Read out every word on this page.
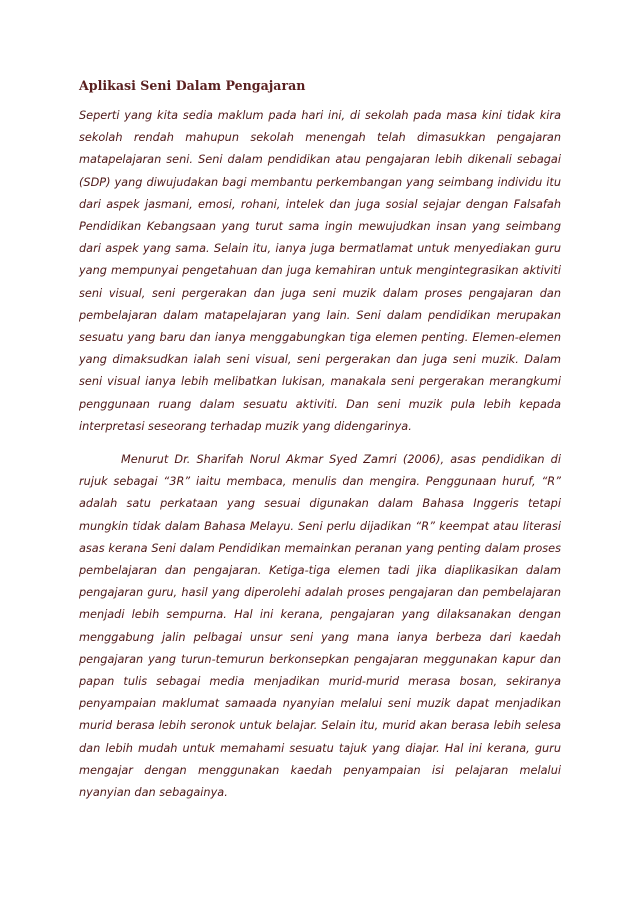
Aplikasi Seni Dalam Pengajaran

Seperti yang kita sedia maklum pada hari ini, di sekolah pada masa kini tidak kira sekolah rendah mahupun sekolah menengah telah dimasukkan pengajaran matapelajaran seni. Seni dalam pendidikan atau pengajaran lebih dikenali sebagai (SDP) yang diwujudakan bagi membantu perkembangan yang seimbang individu itu dari aspek jasmani, emosi, rohani, intelek dan juga sosial sejajar dengan Falsafah Pendidikan Kebangsaan yang turut sama ingin mewujudkan insan yang seimbang dari aspek yang sama. Selain itu, ianya juga bermatlamat untuk menyediakan guru yang mempunyai pengetahuan dan juga kemahiran untuk mengintegrasikan aktiviti seni visual, seni pergerakan dan juga seni muzik dalam proses pengajaran dan pembelajaran dalam matapelajaran yang lain. Seni dalam pendidikan merupakan sesuatu yang baru dan ianya menggabungkan tiga elemen penting. Elemen-elemen yang dimaksudkan ialah seni visual, seni pergerakan dan juga seni muzik. Dalam seni visual ianya lebih melibatkan lukisan, manakala seni pergerakan merangkumi penggunaan ruang dalam sesuatu aktiviti. Dan seni muzik pula lebih kepada interpretasi seseorang terhadap muzik yang didengarinya.

Menurut Dr. Sharifah Norul Akmar Syed Zamri (2006), asas pendidikan di rujuk sebagai “3R” iaitu membaca, menulis dan mengira. Penggunaan huruf, “R” adalah satu perkataan yang sesuai digunakan dalam Bahasa Inggeris tetapi mungkin tidak dalam Bahasa Melayu. Seni perlu dijadikan “R” keempat atau literasi asas kerana Seni dalam Pendidikan memainkan peranan yang penting dalam proses pembelajaran dan pengajaran. Ketiga-tiga elemen tadi jika diaplikasikan dalam pengajaran guru, hasil yang diperolehi adalah proses pengajaran dan pembelajaran menjadi lebih sempurna. Hal ini kerana, pengajaran yang dilaksanakan dengan menggabung jalin pelbagai unsur seni yang mana ianya berbeza dari kaedah pengajaran yang turun-temurun berkonsepkan pengajaran meggunakan kapur dan papan tulis sebagai media menjadikan murid-murid merasa bosan, sekiranya penyampaian maklumat samaada nyanyian melalui seni muzik dapat menjadikan murid berasa lebih seronok untuk belajar. Selain itu, murid akan berasa lebih selesa dan lebih mudah untuk memahami sesuatu tajuk yang diajar. Hal ini kerana, guru mengajar dengan menggunakan kaedah penyampaian isi pelajaran melalui nyanyian dan sebagainya.
